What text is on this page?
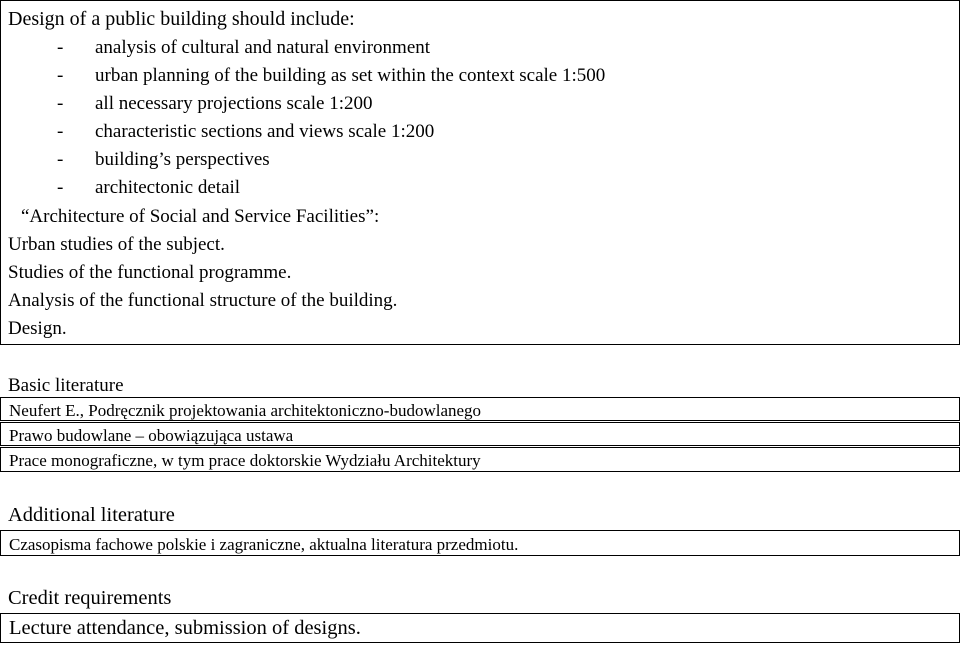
Design of a public building should include:
- analysis of cultural and natural environment
- urban planning of the building as set within the context scale 1:500
- all necessary projections scale 1:200
- characteristic sections and views scale 1:200
- building’s perspectives
- architectonic detail
“Architecture of Social and Service Facilities”:
Urban studies of the subject.
Studies of the functional programme.
Analysis of the functional structure of the building.
Design.
Basic literature
Neufert E., Podręcznik projektowania architektoniczno-budowlanego
Prawo budowlane – obowiązująca ustawa
Prace monograficzne, w tym prace doktorskie Wydziału Architektury
Additional literature
Czasopisma fachowe polskie i zagraniczne, aktualna literatura przedmiotu.
Credit requirements
Lecture attendance, submission of designs.
